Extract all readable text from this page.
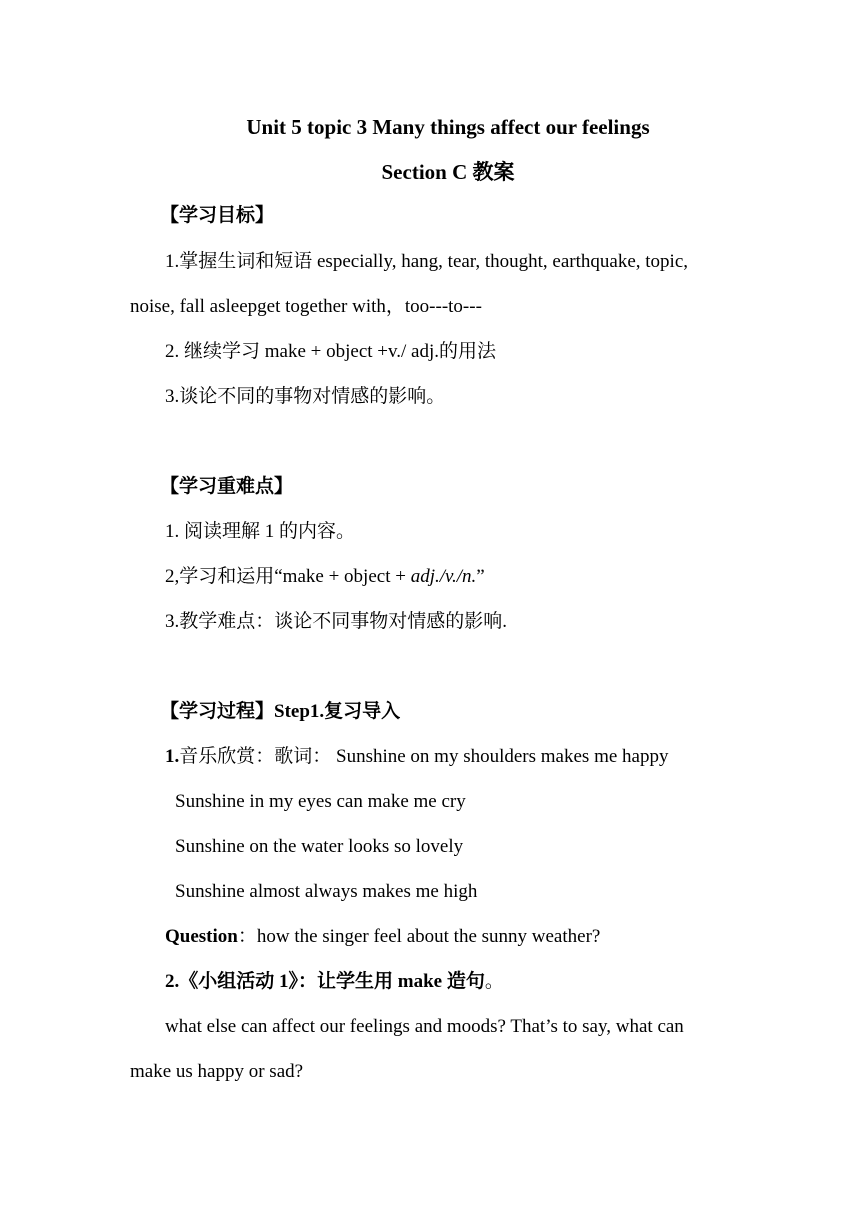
Unit 5 topic 3 Many things affect our feelings
Section C 教案
【学习目标】
1.掌握生词和短语 especially, hang, tear, thought, earthquake, topic,
noise, fall asleepget together with，too---to---
2. 继续学习 make + object +v./ adj.的用法
3.谈论不同的事物对情感的影响。
【学习重难点】
1. 阅读理解 1 的内容。
2,学习和运用“make + object + adj./v./n.”
3.教学难点：谈论不同事物对情感的影响.
【学习过程】Step1.复习导入
1.音乐欣赏：歌词： Sunshine on my shoulders makes me happy
Sunshine in my eyes can make me cry
Sunshine on the water looks so lovely
Sunshine almost always makes me high
Question：how the singer feel about the sunny weather?
2.《小组活动 1》：让学生用 make 造句。
what else can affect our feelings and moods? That’s to say, what can
make us happy or sad?
